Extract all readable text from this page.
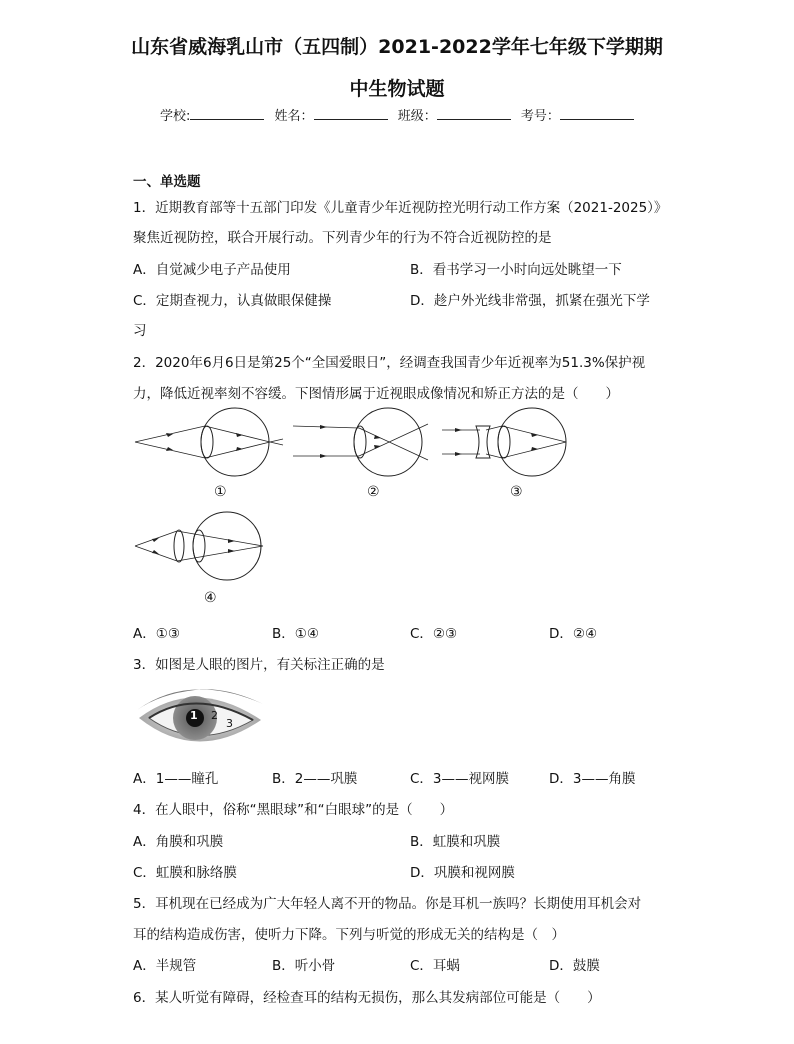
山东省威海乳山市（五四制）2021-2022学年七年级下学期期
中生物试题
学校:	姓名：	班级：	考号：
一、单选题
1．近期教育部等十五部门印发《儿童青少年近视防控光明行动工作方案（2021-2025）》
聚焦近视防控，联合开展行动。下列青少年的行为不符合近视防控的是
A．自觉减少电子产品使用	B．看书学习一小时向远处眺望一下
C．定期查视力，认真做眼保健操	D．趁户外光线非常强，抓紧在强光下学
习
2．2020年6月6日是第25个“全国爱眼日”，经调查我国青少年近视率为51.3%保护视
力，降低近视率刻不容缓。下图情形属于近视眼成像情况和矫正方法的是（　　）
①	②	③
④
A．①③	B．①④	C．②③	D．②④
3．如图是人眼的图片，有关标注正确的是
1 2
3
A．1——瞳孔	B．2——巩膜	C．3——视网膜	D．3——角膜
4．在人眼中，俗称“黑眼球”和“白眼球”的是（　　）
A．角膜和巩膜	B．虹膜和巩膜
C．虹膜和脉络膜	D．巩膜和视网膜
5．耳机现在已经成为广大年轻人离不开的物品。你是耳机一族吗？长期使用耳机会对
耳的结构造成伤害，使听力下降。下列与听觉的形成无关的结构是（　）
A．半规管	B．听小骨	C．耳蜗	D．鼓膜
6．某人听觉有障碍，经检查耳的结构无损伤，那么其发病部位可能是（　　）
